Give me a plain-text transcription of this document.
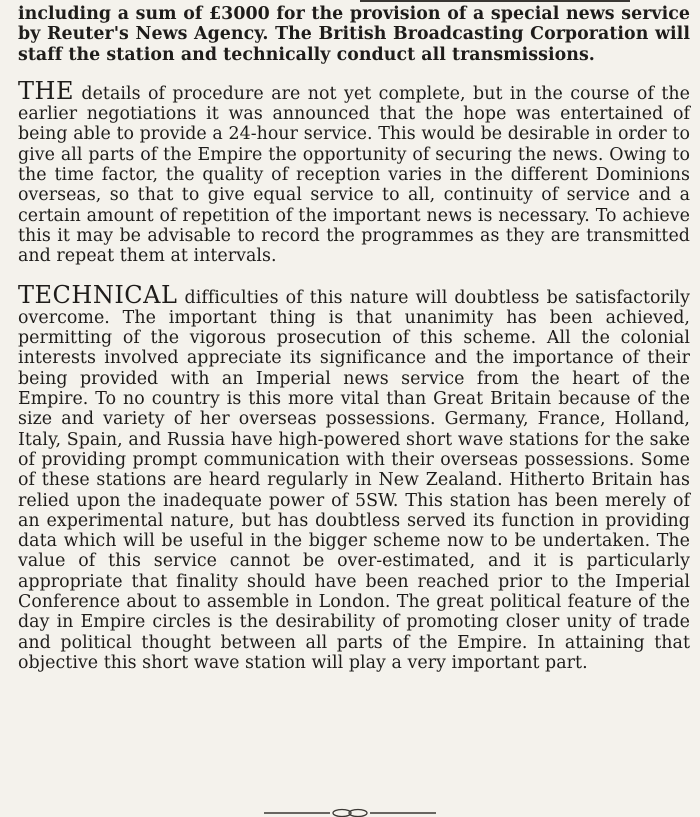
including a sum of £3000 for the provision of a special news service by Reuter's News Agency. The British Broadcasting Corporation will staff the station and technically conduct all transmissions.

THE details of procedure are not yet complete, but in the course of the earlier negotiations it was announced that the hope was entertained of being able to provide a 24-hour service. This would be desirable in order to give all parts of the Empire the opportunity of securing the news. Owing to the time factor, the quality of reception varies in the different Dominions overseas, so that to give equal service to all, continuity of service and a certain amount of repetition of the important news is necessary. To achieve this it may be advisable to record the programmes as they are transmitted and repeat them at intervals.

TECHNICAL difficulties of this nature will doubtless be satisfactorily overcome. The important thing is that unanimity has been achieved, permitting of the vigorous prosecution of this scheme. All the colonial interests involved appreciate its significance and the importance of their being provided with an Imperial news service from the heart of the Empire. To no country is this more vital than Great Britain because of the size and variety of her overseas possessions. Germany, France, Holland, Italy, Spain, and Russia have high-powered short wave stations for the sake of providing prompt communication with their overseas possessions. Some of these stations are heard regularly in New Zealand. Hitherto Britain has relied upon the inadequate power of 5SW. This station has been merely of an experimental nature, but has doubtless served its function in providing data which will be useful in the bigger scheme now to be undertaken. The value of this service cannot be over-estimated, and it is particularly appropriate that finality should have been reached prior to the Imperial Conference about to assemble in London. The great political feature of the day in Empire circles is the desirability of promoting closer unity of trade and political thought between all parts of the Empire. In attaining that objective this short wave station will play a very important part.
